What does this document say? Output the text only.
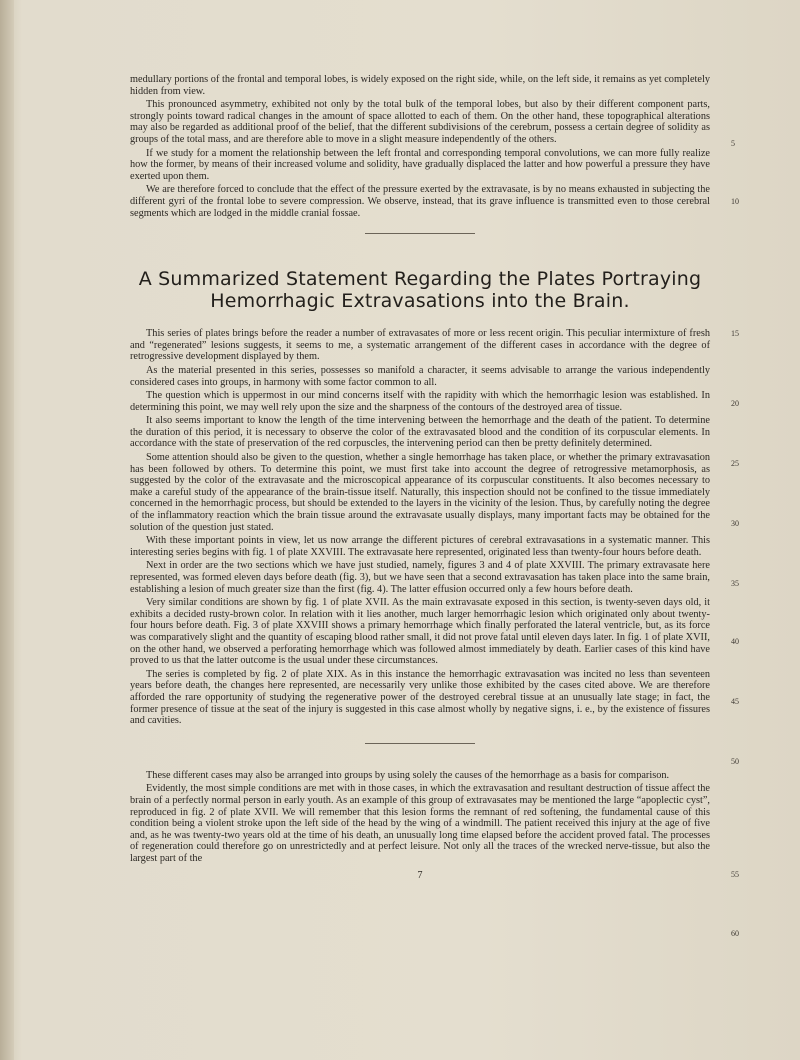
medullary portions of the frontal and temporal lobes, is widely exposed on the right side, while, on the left side, it remains as yet completely hidden from view.

This pronounced asymmetry, exhibited not only by the total bulk of the temporal lobes, but also by their different component parts, strongly points toward radical changes in the amount of space allotted to each of them. On the other hand, these topographical alterations may also be regarded as additional proof of the belief, that the different subdivisions of the cerebrum, possess a certain degree of solidity as groups of the total mass, and are therefore able to move in a slight measure independently of the others.

If we study for a moment the relationship between the left frontal and corresponding temporal convolutions, we can more fully realize how the former, by means of their increased volume and solidity, have gradually displaced the latter and how powerful a pressure they have exerted upon them.

We are therefore forced to conclude that the effect of the pressure exerted by the extravasate, is by no means exhausted in subjecting the different gyri of the frontal lobe to severe compression. We observe, instead, that its grave influence is transmitted even to those cerebral segments which are lodged in the middle cranial fossae.

A Summarized Statement Regarding the Plates Portraying
Hemorrhagic Extravasations into the Brain.

This series of plates brings before the reader a number of extravasates of more or less recent origin. This peculiar intermixture of fresh and “regenerated” lesions suggests, it seems to me, a systematic arrangement of the different cases in accordance with the degree of retrogressive development displayed by them.

As the material presented in this series, possesses so manifold a character, it seems advisable to arrange the various independently considered cases into groups, in harmony with some factor common to all.

The question which is uppermost in our mind concerns itself with the rapidity with which the hemorrhagic lesion was established. In determining this point, we may well rely upon the size and the sharpness of the contours of the destroyed area of tissue.

It also seems important to know the length of the time intervening between the hemorrhage and the death of the patient. To determine the duration of this period, it is necessary to observe the color of the extravasated blood and the condition of its corpuscular elements. In accordance with the state of preservation of the red corpuscles, the intervening period can then be pretty definitely determined.

Some attention should also be given to the question, whether a single hemorrhage has taken place, or whether the primary extravasation has been followed by others. To determine this point, we must first take into account the degree of retrogressive metamorphosis, as suggested by the color of the extravasate and the microscopical appearance of its corpuscular constituents. It also becomes necessary to make a careful study of the appearance of the brain-tissue itself. Naturally, this inspection should not be confined to the tissue immediately concerned in the hemorrhagic process, but should be extended to the layers in the vicinity of the lesion. Thus, by carefully noting the degree of the inflammatory reaction which the brain tissue around the extravasate usually displays, many important facts may be obtained for the solution of the question just stated.

With these important points in view, let us now arrange the different pictures of cerebral extravasations in a systematic manner. This interesting series begins with fig. 1 of plate XXVIII. The extravasate here represented, originated less than twenty-four hours before death.

Next in order are the two sections which we have just studied, namely, figures 3 and 4 of plate XXVIII. The primary extravasate here represented, was formed eleven days before death (fig. 3), but we have seen that a second extravasation has taken place into the same brain, establishing a lesion of much greater size than the first (fig. 4). The latter effusion occurred only a few hours before death.

Very similar conditions are shown by fig. 1 of plate XVII. As the main extravasate exposed in this section, is twenty-seven days old, it exhibits a decided rusty-brown color. In relation with it lies another, much larger hemorrhagic lesion which originated only about twenty-four hours before death. Fig. 3 of plate XXVIII shows a primary hemorrhage which finally perforated the lateral ventricle, but, as its force was comparatively slight and the quantity of escaping blood rather small, it did not prove fatal until eleven days later. In fig. 1 of plate XVII, on the other hand, we observed a perforating hemorrhage which was followed almost immediately by death. Earlier cases of this kind have proved to us that the latter outcome is the usual under these circumstances.

The series is completed by fig. 2 of plate XIX. As in this instance the hemorrhagic extravasation was incited no less than seventeen years before death, the changes here represented, are necessarily very unlike those exhibited by the cases cited above. We are therefore afforded the rare opportunity of studying the regenerative power of the destroyed cerebral tissue at an unusually late stage; in fact, the former presence of tissue at the seat of the injury is suggested in this case almost wholly by negative signs, i. e., by the existence of fissures and cavities.

These different cases may also be arranged into groups by using solely the causes of the hemorrhage as a basis for comparison.

Evidently, the most simple conditions are met with in those cases, in which the extravasation and resultant destruction of tissue affect the brain of a perfectly normal person in early youth. As an example of this group of extravasates may be mentioned the large “apoplectic cyst”, reproduced in fig. 2 of plate XVII. We will remember that this lesion forms the remnant of red softening, the fundamental cause of this condition being a violent stroke upon the left side of the head by the wing of a windmill. The patient received this injury at the age of five and, as he was twenty-two years old at the time of his death, an unusually long time elapsed before the accident proved fatal. The processes of regeneration could therefore go on unrestrictedly and at perfect leisure. Not only all the traces of the wrecked nerve-tissue, but also the largest part of the

7
5
10
15
20
25
30
35
40
45
50
55
60
